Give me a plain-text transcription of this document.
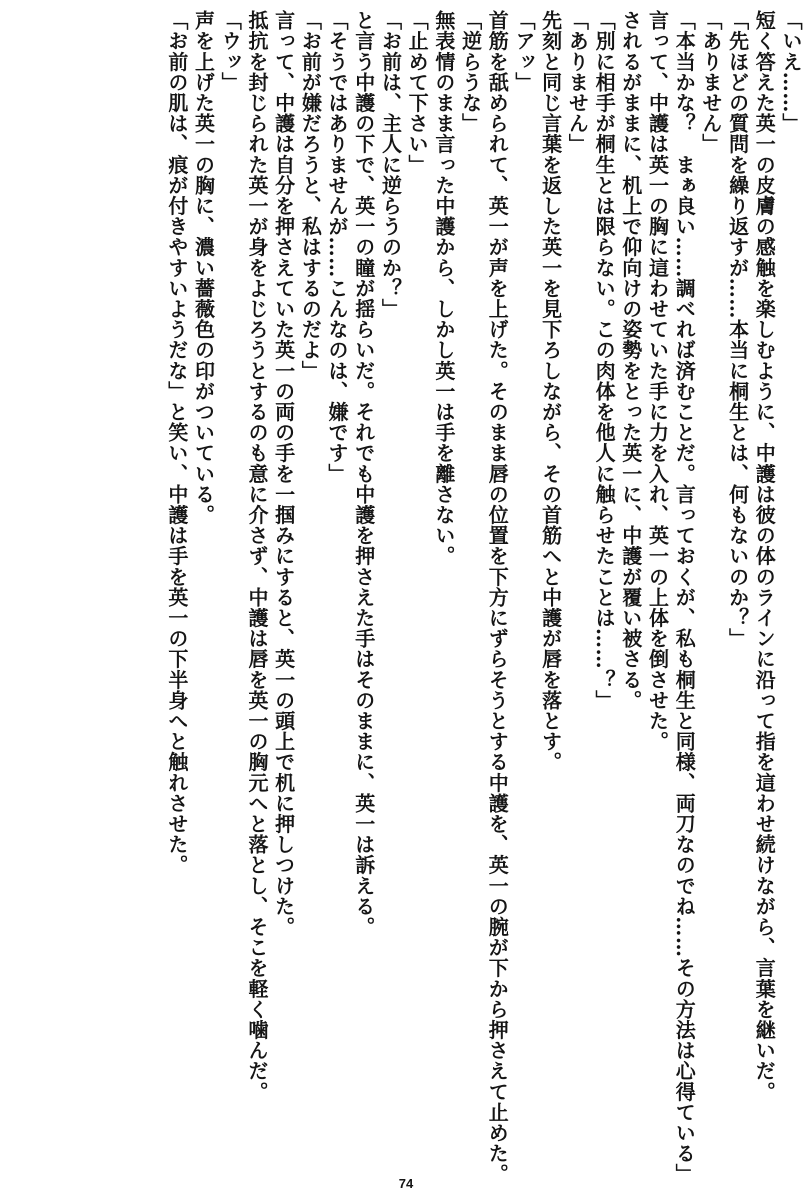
「いえ……」
短く答えた英一の皮膚の感触を楽しむように、中護は彼の体のラインに沿って指を這わせ続けながら、言葉を継いだ。
「先ほどの質問を繰り返すが……本当に桐生とは、何もないのか？」
「ありません」
「本当かな？　まぁ良い……調べれば済むことだ。言っておくが、私も桐生と同様、両刀なのでね……その方法は心得ている」
言って、中護は英一の胸に這わせていた手に力を入れ、英一の上体を倒させた。
されるがままに、机上で仰向けの姿勢をとった英一に、中護が覆い被さる。
「別に相手が桐生とは限らない。この肉体を他人に触らせたことは……？」
「ありません」
先刻と同じ言葉を返した英一を見下ろしながら、その首筋へと中護が唇を落とす。
「アッ」
首筋を舐められて、英一が声を上げた。そのまま唇の位置を下方にずらそうとする中護を、英一の腕が下から押さえて止めた。
「逆らうな」
無表情のまま言った中護から、しかし英一は手を離さない。
「止めて下さい」
「お前は、主人に逆らうのか？」
と言う中護の下で、英一の瞳が揺らいだ。それでも中護を押さえた手はそのままに、英一は訴える。
「そうではありませんが……こんなのは、嫌です」
「お前が嫌だろうと、私はするのだよ」
言って、中護は自分を押さえていた英一の両の手を一掴みにすると、英一の頭上で机に押しつけた。
抵抗を封じられた英一が身をよじろうとするのも意に介さず、中護は唇を英一の胸元へと落とし、そこを軽く噛んだ。
「ウッ」
声を上げた英一の胸に、濃い薔薇色の印がついている。
「お前の肌は、痕が付きやすいようだな」と笑い、中護は手を英一の下半身へと触れさせた。
74
